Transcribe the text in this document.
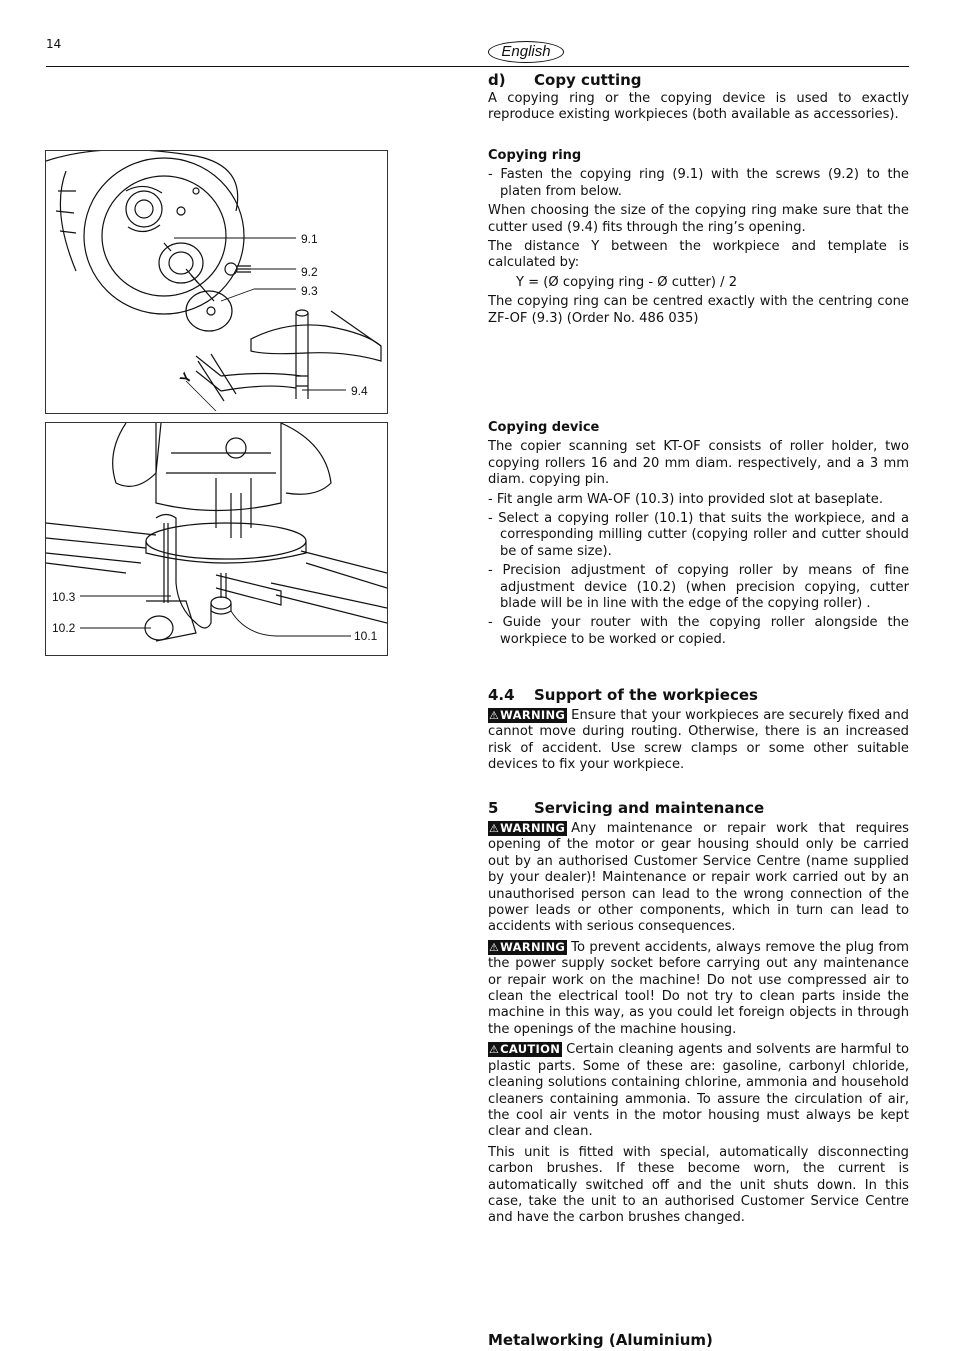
14	English
9.1
9.2
9.3
9.4
Y
10.3
10.2
10.1
d) Copy cutting

A copying ring or the copying device is used to exactly reproduce existing workpieces (both available as accessories).

Copying ring

- Fasten the copying ring (9.1) with the screws (9.2) to the platen from below.

When choosing the size of the copying ring make sure that the cutter used (9.4) fits through the ring’s opening.

The distance Y between the workpiece and template is calculated by:

Y = (Ø copying ring - Ø cutter) / 2

The copying ring can be centred exactly with the centring cone ZF-OF (9.3) (Order No. 486 035)

Copying device

The copier scanning set KT-OF consists of roller holder, two copying rollers 16 and 20 mm diam. respectively, and a 3 mm diam. copying pin.

- Fit angle arm WA-OF (10.3) into provided slot at baseplate.

- Select a copying roller (10.1) that suits the workpiece, and a corresponding milling cutter (copying roller and cutter should be of same size).

- Precision adjustment of copying roller by means of fine adjustment device (10.2) (when precision copying, cutter blade will be in line with the edge of the copying roller) .

- Guide your router with the copying roller alongside the workpiece to be worked or copied.

4.4 Support of the workpieces

⚠WARNING Ensure that your workpieces are securely fixed and cannot move during routing. Otherwise, there is an increased risk of accident. Use screw clamps or some other suitable devices to fix your workpiece.

5 Servicing and maintenance

⚠WARNING Any maintenance or repair work that requires opening of the motor or gear housing should only be carried out by an authorised Customer Service Centre (name supplied by your dealer)! Maintenance or repair work carried out by an unauthorised person can lead to the wrong connection of the power leads or other components, which in turn can lead to accidents with serious consequences.

⚠WARNING To prevent accidents, always remove the plug from the power supply socket before carrying out any maintenance or repair work on the machine! Do not use compressed air to clean the electrical tool! Do not try to clean parts inside the machine in this way, as you could let foreign objects in through the openings of the machine housing.

⚠CAUTION Certain cleaning agents and solvents are harmful to plastic parts. Some of these are: gasoline, carbonyl chloride, cleaning solutions containing chlorine, ammonia and household cleaners containing ammonia. To assure the circulation of air, the cool air vents in the motor housing must always be kept clear and clean.

This unit is fitted with special, automatically disconnecting carbon brushes. If these become worn, the current is automatically switched off and the unit shuts down. In this case, take the unit to an authorised Customer Service Centre and have the carbon brushes changed.

Metalworking (Aluminium)
